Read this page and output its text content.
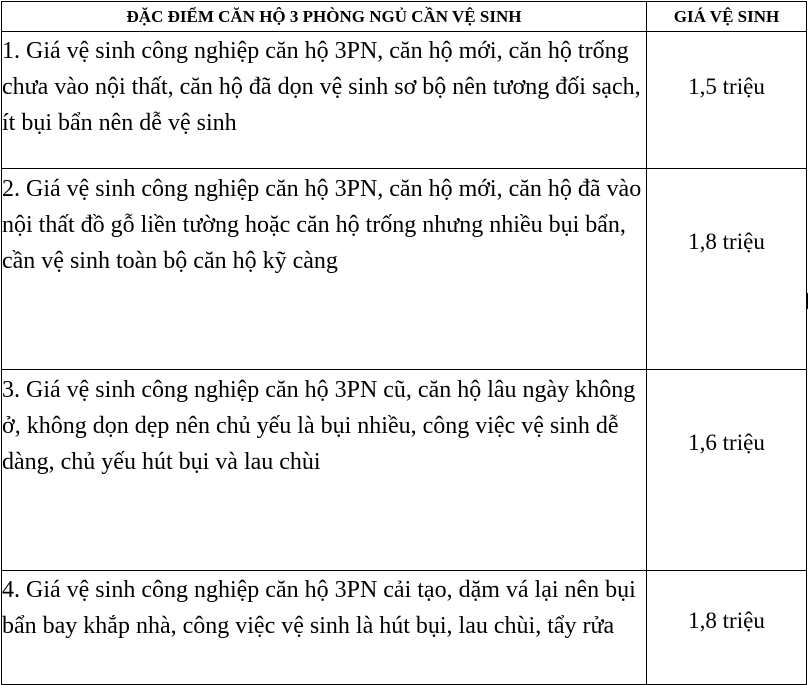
ĐẶC ĐIỂM CĂN HỘ 3 PHÒNG NGỦ CẦN VỆ SINH	GIÁ VỆ SINH
1. Giá vệ sinh công nghiệp căn hộ 3PN, căn hộ mới, căn hộ trống chưa vào nội thất, căn hộ đã dọn vệ sinh sơ bộ nên tương đối sạch, ít bụi bẩn nên dễ vệ sinh	1,5 triệu
2. Giá vệ sinh công nghiệp căn hộ 3PN, căn hộ mới, căn hộ đã vào nội thất đồ gỗ liền tường hoặc căn hộ trống nhưng nhiều bụi bẩn, cần vệ sinh toàn bộ căn hộ kỹ càng	1,8 triệu
3. Giá vệ sinh công nghiệp căn hộ 3PN cũ, căn hộ lâu ngày không ở, không dọn dẹp nên chủ yếu là bụi nhiều, công việc vệ sinh dễ dàng, chủ yếu hút bụi và lau chùi	1,6 triệu
4. Giá vệ sinh công nghiệp căn hộ 3PN cải tạo, dặm vá lại nên bụi bẩn bay khắp nhà, công việc vệ sinh là hút bụi, lau chùi, tẩy rửa	1,8 triệu
